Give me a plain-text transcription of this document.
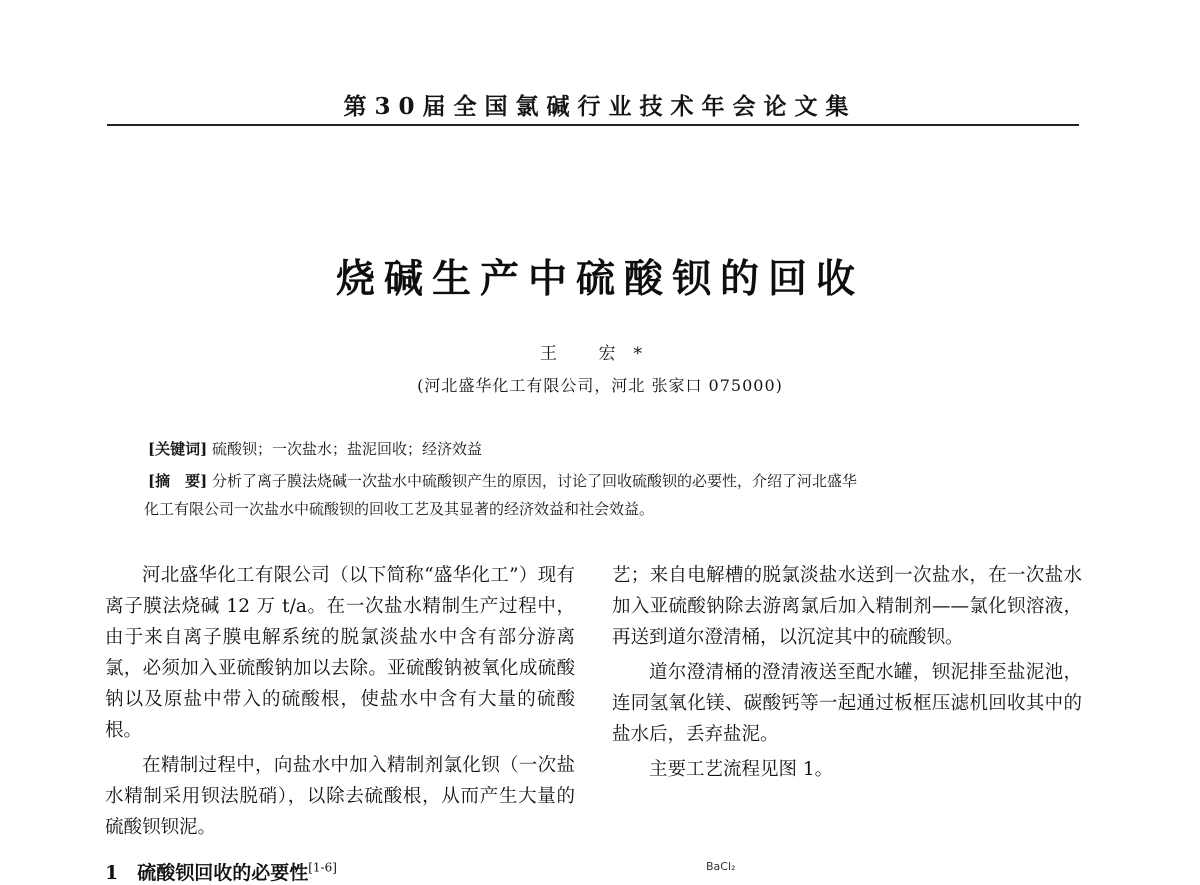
第30届全国氯碱行业技术年会论文集
烧碱生产中硫酸钡的回收
王 宏*
(河北盛华化工有限公司，河北 张家口 075000)
[关键词] 硫酸钡；一次盐水；盐泥回收；经济效益
[摘　要] 分析了离子膜法烧碱一次盐水中硫酸钡产生的原因，讨论了回收硫酸钡的必要性，介绍了河北盛华
化工有限公司一次盐水中硫酸钡的回收工艺及其显著的经济效益和社会效益。

河北盛华化工有限公司（以下简称“盛华化工”）现有离子膜法烧碱 12 万 t/a。在一次盐水精制生产过程中，由于来自离子膜电解系统的脱氯淡盐水中含有部分游离氯，必须加入亚硫酸钠加以去除。亚硫酸钠被氧化成硫酸钠以及原盐中带入的硫酸根，使盐水中含有大量的硫酸根。

在精制过程中，向盐水中加入精制剂氯化钡（一次盐水精制采用钡法脱硝），以除去硫酸根，从而产生大量的硫酸钡钡泥。

艺；来自电解槽的脱氯淡盐水送到一次盐水，在一次盐水加入亚硫酸钠除去游离氯后加入精制剂——氯化钡溶液，再送到道尔澄清桶，以沉淀其中的硫酸钡。

道尔澄清桶的澄清液送至配水罐，钡泥排至盐泥池，连同氢氧化镁、碳酸钙等一起通过板框压滤机回收其中的盐水后，丢弃盐泥。

主要工艺流程见图 1。

1　硫酸钡回收的必要性[1-6]	BaCl₂
